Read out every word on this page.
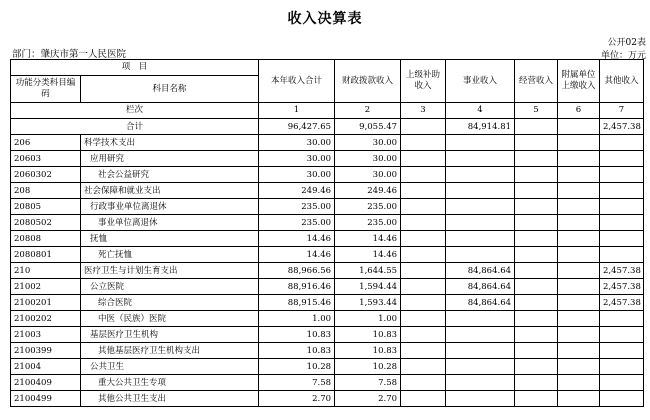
收入决算表
公开02表
部门：肇庆市第一人民医院	单位：万元
项　目		本年收入合计	财政拨款收入	上级补助收入	事业收入	经营收入	附属单位上缴收入	其他收入
功能分类科目编码	科目名称							
栏次		1	2	3	4	5	6	7
合计		96,427.65	9,055.47		84,914.81			2,457.38
206	科学技术支出	30.00	30.00					
20603	应用研究	30.00	30.00					
2060302	社会公益研究	30.00	30.00					
208	社会保障和就业支出	249.46	249.46					
20805	行政事业单位离退休	235.00	235.00					
2080502	事业单位离退休	235.00	235.00					
20808	抚恤	14.46	14.46					
2080801	死亡抚恤	14.46	14.46					
210	医疗卫生与计划生育支出	88,966.56	1,644.55		84,864.64			2,457.38
21002	公立医院	88,916.46	1,594.44		84,864.64			2,457.38
2100201	综合医院	88,915.46	1,593.44		84,864.64			2,457.38
2100202	中医（民族）医院	1.00	1.00					
21003	基层医疗卫生机构	10.83	10.83					
2100399	其他基层医疗卫生机构支出	10.83	10.83					
21004	公共卫生	10.28	10.28					
2100409	重大公共卫生专项	7.58	7.58					
2100499	其他公共卫生支出	2.70	2.70					
